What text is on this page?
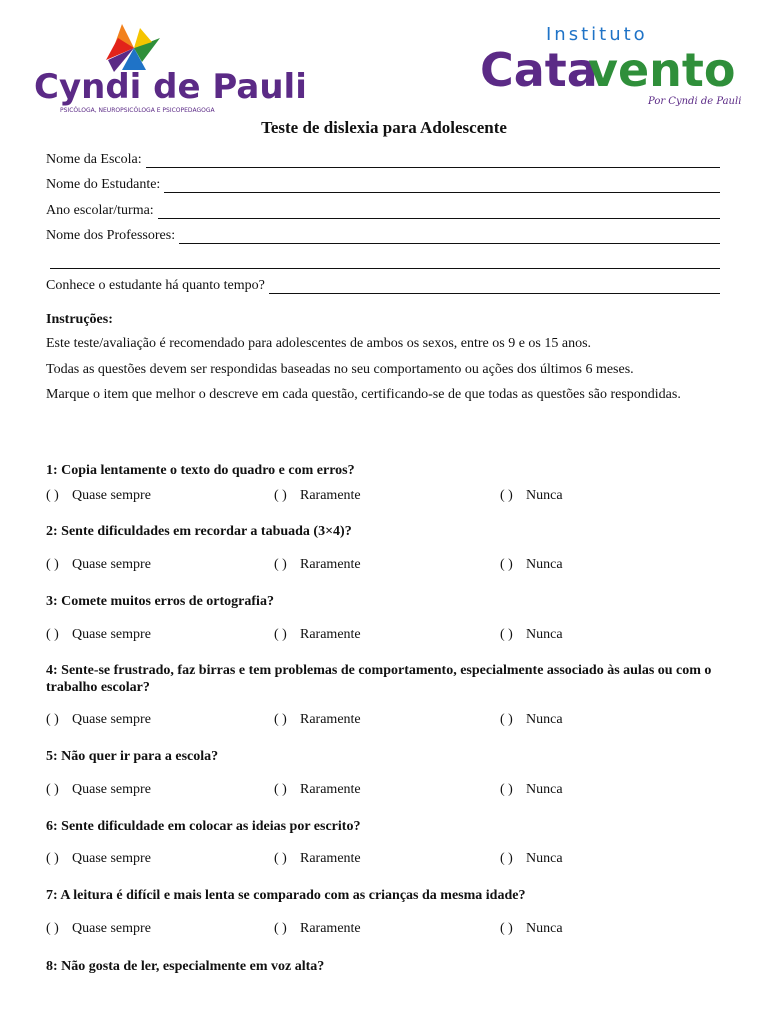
Cyndi de Pauli
PSICÓLOGA, NEUROPSICÓLOGA E PSICOPEDAGOGA
Instituto
Cata
vento
Por Cyndi de Pauli
Teste de dislexia para Adolescente
Nome da Escola:
Nome do Estudante:
Ano escolar/turma:
Nome dos Professores:
Conhece o estudante há quanto tempo?
Instruções:
Este teste/avaliação é recomendado para adolescentes de ambos os sexos, entre os 9 e os 15 anos.
Todas as questões devem ser respondidas baseadas no seu comportamento ou ações dos últimos 6 meses.
Marque o item que melhor o descreve em cada questão, certificando-se de que todas as questões são respondidas.
1: Copia lentamente o texto do quadro e com erros?
( ) Quase sempre	( ) Raramente	( ) Nunca
2: Sente dificuldades em recordar a tabuada (3×4)?
( ) Quase sempre	( ) Raramente	( ) Nunca
3: Comete muitos erros de ortografia?
( ) Quase sempre	( ) Raramente	( ) Nunca
4: Sente-se frustrado, faz birras e tem problemas de comportamento, especialmente associado às aulas ou com o trabalho escolar?
( ) Quase sempre	( ) Raramente	( ) Nunca
5: Não quer ir para a escola?
( ) Quase sempre	( ) Raramente	( ) Nunca
6: Sente dificuldade em colocar as ideias por escrito?
( ) Quase sempre	( ) Raramente	( ) Nunca
7: A leitura é difícil e mais lenta se comparado com as crianças da mesma idade?
( ) Quase sempre	( ) Raramente	( ) Nunca
8: Não gosta de ler, especialmente em voz alta?
